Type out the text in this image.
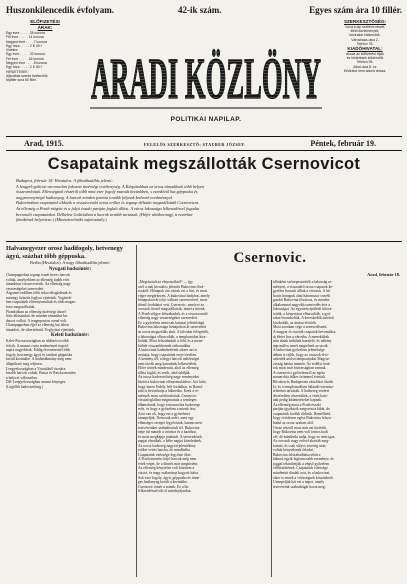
Huszonkilencedik évfolyam.	42-ik szám.	Egyes szám ára 10 fillér.
ELŐFIZETÉSI
ÁRAK:
Egy évre . . . . . 28 korona
Fél évre . . . . . 14 korona
Negyed évre . . . . 7 korona
Egy hóra . . . . . 2 K 40 f
Vidékre:
Egy évre . . . . . 32 korona
Fél évre . . . . . 16 korona
Negyed évre . . . . 8 korona
Egy hóra . . . . . 2 K 80 f
HIRDETÉSEK:
díjszabás szerint fizetendők
Nyilttér sora 60 fillér. ARADI KÖZLÖNY
POLITIKAI NAPILAP.
SZERKESZTŐSÉG:
hová a lap szellemi részét
illető közlemények,
kéziratok küldendők:
Városháza-utca 2.
Telefon 78.
KIADÓHIVATAL:
ahová az előfizetési díjak
és hirdetések küldendők
Telefon 95.
Jókai-utca 8. sz.
Kéziratot nem adunk vissza.
Arad, 1915.	FELELŐS SZERKESZTŐ: STAUBER JÓZSEF.	Péntek, február 19.
Csapataink megszállották Csernovicot
Budapest, február 18. Hivatalos. A főhadiszállás jelenti:
A lengyel-galíciai arcvonalon fokozott tüzérségi tevékenység. A Kárpátokban az orosz támadások több helyen
összeomlottak. Ellenségünk részéről több mint ezer fogoly maradt kezünkben, s ezenkívül hat géppuska és
nagymennyiségű hadianyag. A harcok minden ponton tovább folynak kedvező eredménnyel.
Bukovinában csapataink üldözik a visszavonuló orosz erőket és tegnap délután megszállották Csernovicot.
Az ellenség a Pruth mögött és a folyó északi partján foglalt állást. A város lakossága lelkesedéssel fogadta
bevonuló csapatainkat. Délkeleti Galíciában a harcok tovább tartanak. (Höfer altábornagy, a vezérkar
főnökének helyettese.) (Miniszterelnöki sajtóosztály.)
Halvanegyezer orosz hadifogoly, hetvenegy ágyú, százhat tőbb géppuska.
Berlin (Hivatalos). A nagy főhadiszállás jelenti:
Nyugati hadszíntér:
Champagneban tegnap ismét heves harcok
voltak, amelyekben az ellenség újabb erős
támadásai visszaverettek. Az ellenség nagy
veszteségeket szenvedett.
Argonne-erdőben több árkot elfoglaltunk és
mintegy kétszáz foglyot ejtettünk. Vogézek-
ben csapataink előrenyomultak és több magas-
latot megszállottak.
Flandriában az ellenség tüzérségi tűzzel
lőtte állásainkat, de minden támadása ku-
darcot vallott. A tengerparton csend volt.
Champagneban éjjel az ellenség hat ízben
támadott, de sikertelenül. Foglyokat ejtettünk.
Keleti hadszíntér:
Kelet-Poroszországban az üldözés tovább
folyik. A mazuri csata eredményei napról-
napra nagyobbak. Eddig ötvenezernél több
fogoly, hetvenegy ágyú és százhat géppuska
került kezünkbe. A hadizsákmány még nem
állapítható meg teljesen.
Lengyelországban a Visztulától északra
kisebb harcok voltak. Bzura és Rawka mentén
a helyzet változatlan.
Dél-Lengyelországban semmi lényeges.
(Legfőbb hadvezetőség.)
Csernovic.
Arad, február 18.
„Megtisztult az elnyomóktól“ — így
szól a mai hivatalos jelentés Bukovina fővá-
rosáról. Hónapok óta vártuk ezt a hírt, és most
végre megérkezett. A bukovinai hadjárat, amely
hónapokon át folyt változó szerencsével, most
döntő fordulatot vett. Csernovic, amelyet az
oroszok ősszel megszállottak, ismét a mienk.
A Pruth völgye felszabadult, és a visszavonuló
ellenség nagy veszteségeket szenvedett.
Ez a győzelem nemcsak katonai jelentőségű.
Bukovina lakossága hónapokon át szenvedett
az orosz megszállás alatt. A falvakat felégették,
a lakosságot elhurcolták, a templomokat kira-
bolták. Most felszabadult a föld, és a mene-
kültek visszatérhetnek otthonaikba.
A bukovinai hadműveletek sikere azt is
mutatja, hogy csapataink ereje töretlen.
A kemény tél, a hegyi harcok nehézségei
nem törték meg katonáink lelkesedését.
Előre törnek mindenütt, ahol az ellenség
állást foglal, és verik, ahol találják.
Az orosz hadvezetőség nagy reményeket
fűzött a bukovinai előnyomuláshoz. Azt hitte,
hogy innen Erdély felé fordulhat, és Romá-
niát is bevonhatja a háborúba. Ezek a re-
mények most szétfoszlottak. Csernovic
visszafoglalása megmutatta a semleges
államoknak, hogy a monarchia hadserege
erős, és hogy a győzelem a mienk lesz.
Arra van ok, hogy ezt a győzelmet
ünnepeljük. Nemcsak azért, mert egy
ellenséges sereget legyőztünk, hanem mert
testvéreinket szabadítottuk fel. Bukovina
népe hű maradt a trónhoz és a hazához,
és most megkapja jutalmát. A szenvedések
napjai elmúltak, a béke napjai közelednek.
Az orosz hadsereg nagyon jelentékeny
erőket vetett harcba, de mindhiába.
Csapataink vitézsége legyőzte őket.
A Pruth mentén folyó harcok még nem
értek véget, de a döntés már megtörtént.
Az ellenség kénytelen volt kiüríteni a
várost, és nagy zsákmányt hagyott hátra.
Sok ezer fogoly, ágyú, géppuska és töme-
ges hadianyag került a kezünkbe.
Csernovic ismét a mienk. Ez a hír
lelkesedéssel tölt el mindnyájunkat.
időnként szétrepesztették a lakosság re-
ményeit, a visszatérő orosz csapatok ke-
gyetlen bosszút álltak a városon. A há-
borús hónapok alatt háromszor cserélt
gazdát Bukovina fővárosa, és minden
alkalommal nagyobb szenvedés érte a
lakosságot. Az egyetem épületét kifosz-
tották, a könyvtárat elhurcolták, a gyá-
rakat lerombolták. A kereskedők üzleteit
kirabolták, az árukat elvitték.
Most azonban vége a szenvedésnek.
A magyar és osztrák csapatok bevonulása
új életet hoz a városba. A menekültek
már útnak indultak hazafelé, és néhány
nap múlva ismét megtelnek az utcák.
A bukovinai győzelem jelentősége
abban is rejlik, hogy az oroszok elve-
szítették utolsó támpontjukat Magyar-
ország határa mentén. Az erdélyi hatá-
rok most már biztonságban vannak.
A csernovici győzelemről az egész
monarchia lelkes örömmel értesült.
Bécsben és Budapesten zászlókat tűztek
ki, és a templomokban hálaadó istentisz-
teleteket tartottak. A hadsereg vezérei
dicséretben részesültek, a vitéz kato-
nák pedig kitüntetéseket kapnak.
Az ellenség most a Pruth északi
partján igyekszik megvetni a lábát, de
csapataink tovább üldözik. Remélhető,
hogy rövidesen egész Bukovina felsza-
badul az orosz uralom alól.
Orosz részről most már azt hirdetik,
hogy Bukovina nem volt fontos hadi
cél, de mindenki tudja, hogy ez nem igaz.
Az oroszok nagy erővel akarták meg-
tartani, és csak súlyos vereség után
voltak kénytelenek feladni.
Bukovina felszabadítása tehát a
háború egyik legfontosabb eseménye, és
joggal tekinthetjük a végső győzelem
előhírnökének. Csapataink vitézsége
mindenütt diadalt arat, és a bukovinai
siker is ennek a vitézségnek köszönhető.
Ünnepeljük hát ezt a napot, amely
testvéreink szabadságát hozta meg.
